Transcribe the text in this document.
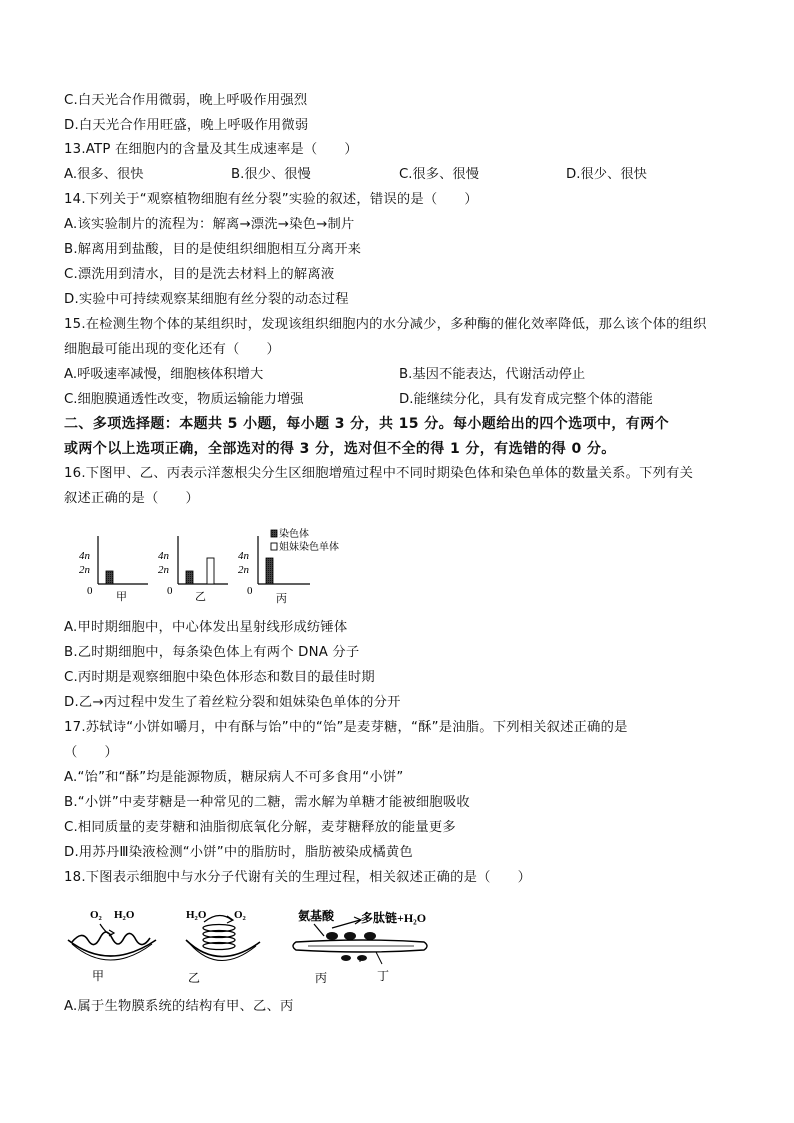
C.白天光合作用微弱，晚上呼吸作用强烈
D.白天光合作用旺盛，晚上呼吸作用微弱
13.ATP 在细胞内的含量及其生成速率是（　　）
A.很多、很快	B.很少、很慢	C.很多、很慢	D.很少、很快
14.下列关于“观察植物细胞有丝分裂”实验的叙述，错误的是（　　）
A.该实验制片的流程为：解离→漂洗→染色→制片
B.解离用到盐酸，目的是使组织细胞相互分离开来
C.漂洗用到清水，目的是洗去材料上的解离液
D.实验中可持续观察某细胞有丝分裂的动态过程
15.在检测生物个体的某组织时，发现该组织细胞内的水分减少，多种酶的催化效率降低，那么该个体的组织
细胞最可能出现的变化还有（　　）
A.呼吸速率减慢，细胞核体积增大	B.基因不能表达，代谢活动停止
C.细胞膜通透性改变，物质运输能力增强	D.能继续分化，具有发育成完整个体的潜能
二、多项选择题：本题共 5 小题，每小题 3 分，共 15 分。每小题给出的四个选项中，有两个
或两个以上选项正确，全部选对的得 3 分，选对但不全的得 1 分，有选错的得 0 分。
16.下图甲、乙、丙表示洋葱根尖分生区细胞增殖过程中不同时期染色体和染色单体的数量关系。下列有关
叙述正确的是（　　）
4n
2n
0 甲
4n
2n
0 乙
4n
2n
0
丙
染色体
姐妹染色单体
A.甲时期细胞中，中心体发出星射线形成纺锤体
B.乙时期细胞中，每条染色体上有两个 DNA 分子
C.丙时期是观察细胞中染色体形态和数目的最佳时期
D.乙→丙过程中发生了着丝粒分裂和姐妹染色单体的分开
17.苏轼诗“小饼如嚼月，中有酥与饴”中的“饴”是麦芽糖，“酥”是油脂。下列相关叙述正确的是
（　　）
A.“饴”和“酥”均是能源物质，糖尿病人不可多食用“小饼”
B.“小饼”中麦芽糖是一种常见的二糖，需水解为单糖才能被细胞吸收
C.相同质量的麦芽糖和油脂彻底氧化分解，麦芽糖释放的能量更多
D.用苏丹Ⅲ染液检测“小饼”中的脂肪时，脂肪被染成橘黄色
18.下图表示细胞中与水分子代谢有关的生理过程，相关叙述正确的是（　　）
O₂ H₂O
甲
H₂O	O₂
乙
氨基酸 多肽链+H₂O
丙	丁
A.属于生物膜系统的结构有甲、乙、丙
